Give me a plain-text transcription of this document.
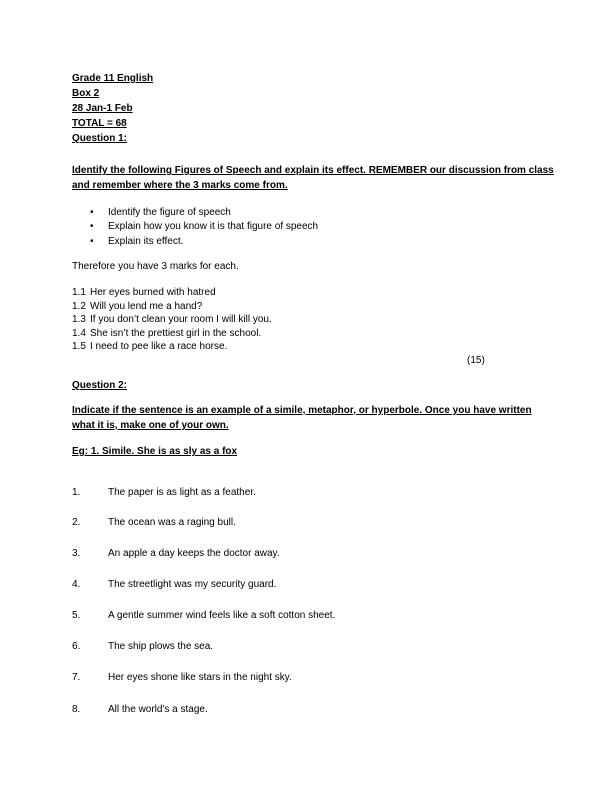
Grade 11 English
Box 2
28 Jan-1 Feb
TOTAL = 68
Question 1:
Identify the following Figures of Speech and explain its effect. REMEMBER our discussion from class
and remember where the 3 marks come from.
• Identify the figure of speech
• Explain how you know it is that figure of speech
• Explain its effect.
Therefore you have 3 marks for each.
1.1 Her eyes burned with hatred
1.2 Will you lend me a hand?
1.3 If you don’t clean your room I will kill you.
1.4 She isn’t the prettiest girl in the school.
1.5 I need to pee like a race horse.
(15)
Question 2:
Indicate if the sentence is an example of a simile, metaphor, or hyperbole. Once you have written
what it is, make one of your own.
Eg: 1. Simile. She is as sly as a fox
1.	The paper is as light as a feather.
2.	The ocean was a raging bull.
3.	An apple a day keeps the doctor away.
4.	The streetlight was my security guard.
5.	A gentle summer wind feels like a soft cotton sheet.
6.	The ship plows the sea.
7.	Her eyes shone like stars in the night sky.
8.	All the world's a stage.
